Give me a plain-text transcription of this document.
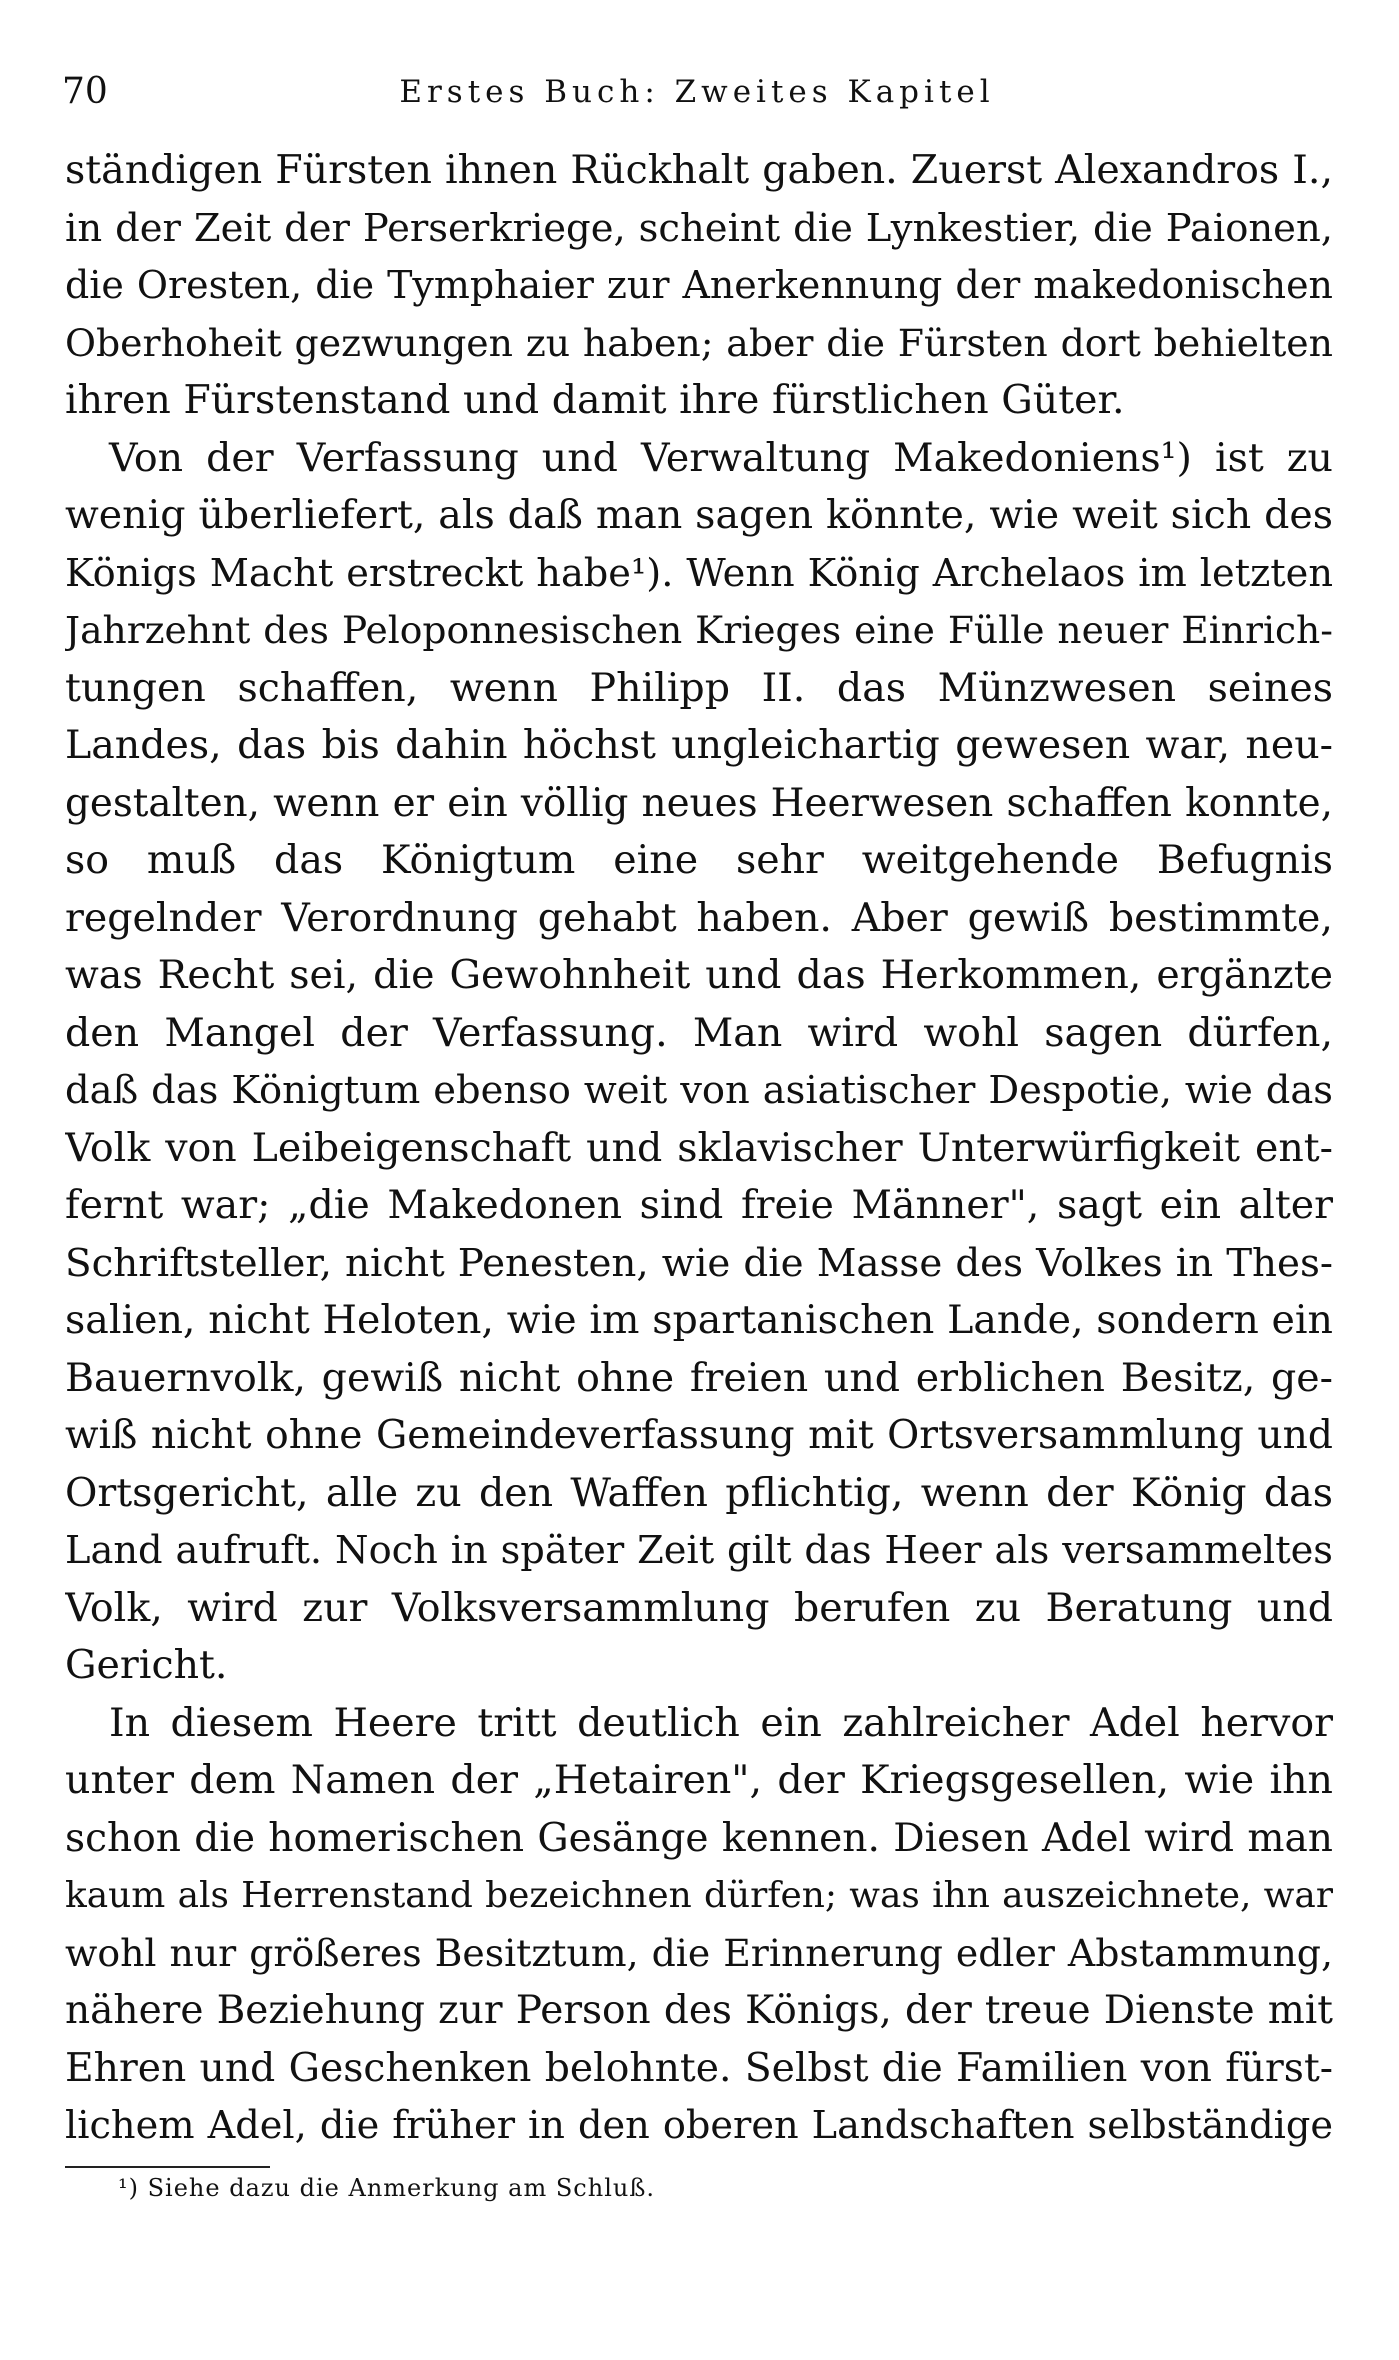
70	Erstes Buch: Zweites Kapitel
ständigen Fürsten ihnen Rückhalt gaben. Zuerst Alexandros I.,
in der Zeit der Perserkriege, scheint die Lynkestier, die Paionen,
die Oresten, die Tymphaier zur Anerkennung der makedonischen
Oberhoheit gezwungen zu haben; aber die Fürsten dort behielten
ihren Fürstenstand und damit ihre fürstlichen Güter.
Von der Verfassung und Verwaltung Makedoniens¹) ist zu
wenig überliefert, als daß man sagen könnte, wie weit sich des
Königs Macht erstreckt habe¹). Wenn König Archelaos im letzten
Jahrzehnt des Peloponnesischen Krieges eine Fülle neuer Einrich-
tungen schaffen, wenn Philipp II. das Münzwesen seines
Landes, das bis dahin höchst ungleichartig gewesen war, neu-
gestalten, wenn er ein völlig neues Heerwesen schaffen konnte,
so muß das Königtum eine sehr weitgehende Befugnis
regelnder Verordnung gehabt haben. Aber gewiß bestimmte,
was Recht sei, die Gewohnheit und das Herkommen, ergänzte
den Mangel der Verfassung. Man wird wohl sagen dürfen,
daß das Königtum ebenso weit von asiatischer Despotie, wie das
Volk von Leibeigenschaft und sklavischer Unterwürfigkeit ent-
fernt war; „die Makedonen sind freie Männer", sagt ein alter
Schriftsteller, nicht Penesten, wie die Masse des Volkes in Thes-
salien, nicht Heloten, wie im spartanischen Lande, sondern ein
Bauernvolk, gewiß nicht ohne freien und erblichen Besitz, ge-
wiß nicht ohne Gemeindeverfassung mit Ortsversammlung und
Ortsgericht, alle zu den Waffen pflichtig, wenn der König das
Land aufruft. Noch in später Zeit gilt das Heer als versammeltes
Volk, wird zur Volksversammlung berufen zu Beratung und
Gericht.
In diesem Heere tritt deutlich ein zahlreicher Adel hervor
unter dem Namen der „Hetairen", der Kriegsgesellen, wie ihn
schon die homerischen Gesänge kennen. Diesen Adel wird man
kaum als Herrenstand bezeichnen dürfen; was ihn auszeichnete, war
wohl nur größeres Besitztum, die Erinnerung edler Abstammung,
nähere Beziehung zur Person des Königs, der treue Dienste mit
Ehren und Geschenken belohnte. Selbst die Familien von fürst-
lichem Adel, die früher in den oberen Landschaften selbständige
¹) Siehe dazu die Anmerkung am Schluß.
